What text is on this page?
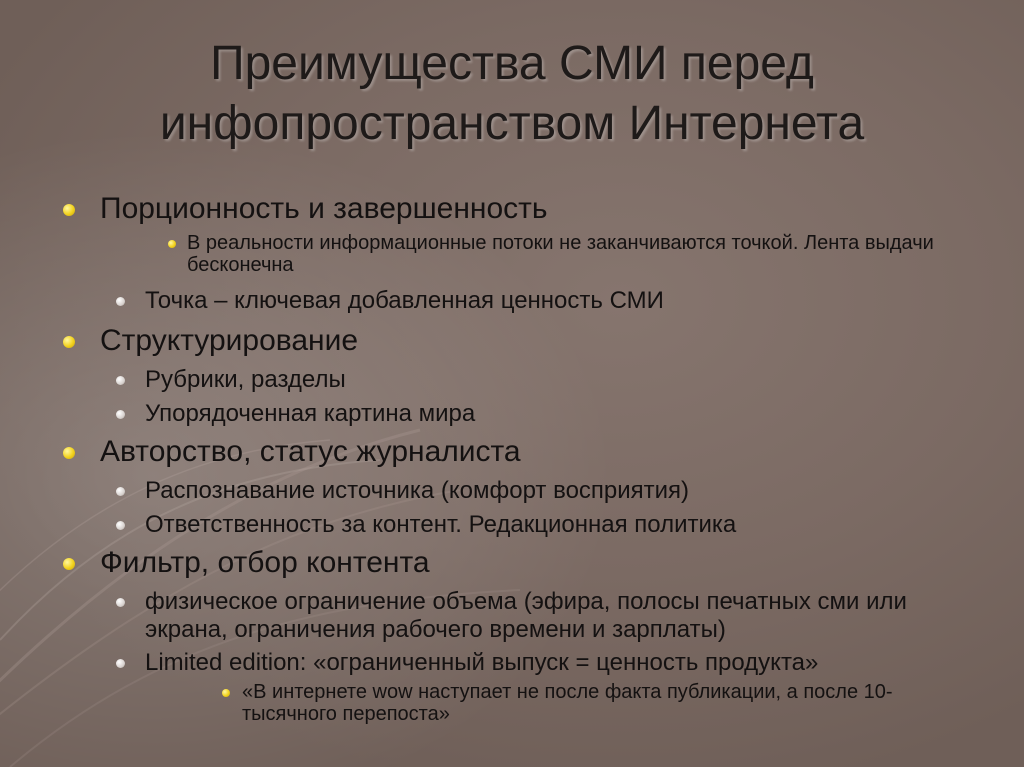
Преимущества СМИ перед
инфопространством Интернета
Порционность и завершенность
В реальности информационные потоки не заканчиваются точкой. Лента выдачи бесконечна
Точка – ключевая добавленная ценность СМИ
Структурирование
Рубрики, разделы
Упорядоченная картина мира
Авторство, статус журналиста
Распознавание источника (комфорт восприятия)
Ответственность за контент. Редакционная политика
Фильтр, отбор контента
физическое ограничение объема (эфира, полосы печатных сми или экрана, ограничения рабочего времени и зарплаты)
Limited edition: «ограниченный выпуск = ценность продукта»
«В интернете wow наступает не после факта публикации, а после 10-тысячного перепоста»
